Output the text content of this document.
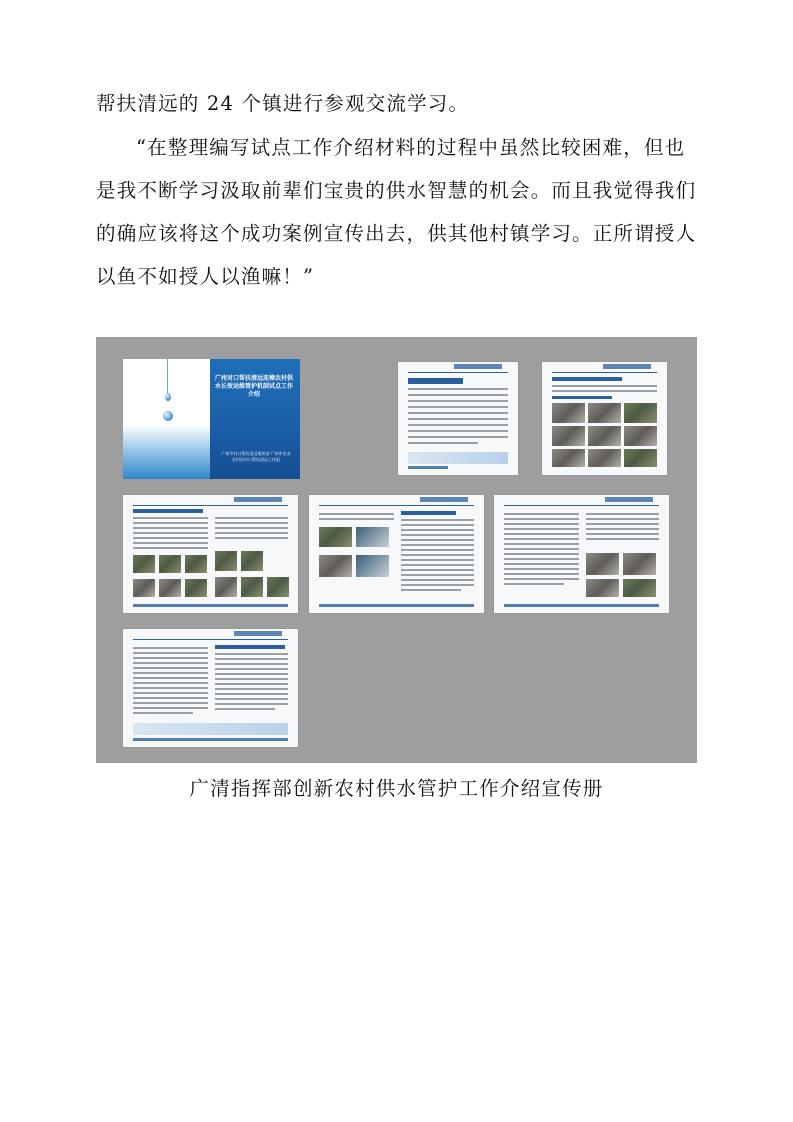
帮扶清远的 24 个镇进行参观交流学习。

“在整理编写试点工作介绍材料的过程中虽然比较困难，但也是我不断学习汲取前辈们宝贵的供水智慧的机会。而且我觉得我们的确应该将这个成功案例宣传出去，供其他村镇学习。正所谓授人以鱼不如授人以渔嘛！”

广州对口帮扶清远连樟农村供水长效运维管护机制试点工作介绍
广州市对口帮扶清远指挥部 广州市农业农村局对口帮扶清远工作组

广清指挥部创新农村供水管护工作介绍宣传册
